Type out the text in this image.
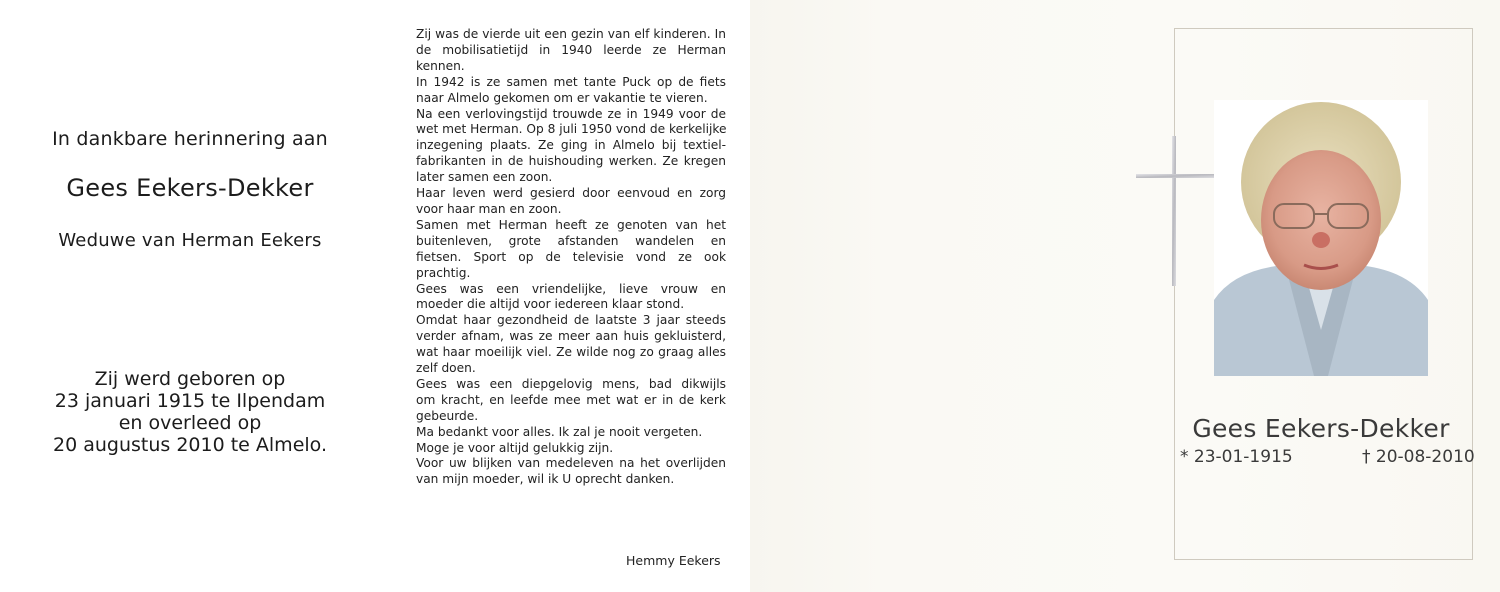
In dankbare herinnering aan
Gees Eekers-Dekker
Weduwe van Herman Eekers
Zij werd geboren op
23 januari 1915 te Ilpendam
en overleed op
20 augustus 2010 te Almelo.
Zij was de vierde uit een gezin van elf kinderen. In
de mobilisatietijd in 1940 leerde ze Herman
kennen.
In 1942 is ze samen met tante Puck op de fiets
naar Almelo gekomen om er vakantie te vieren.
Na een verlovingstijd trouwde ze in 1949 voor de
wet met Herman. Op 8 juli 1950 vond de kerkelijke
inzegening plaats. Ze ging in Almelo bij textiel-
fabrikanten in de huishouding werken. Ze kregen
later samen een zoon.
Haar leven werd gesierd door eenvoud en zorg
voor haar man en zoon.
Samen met Herman heeft ze genoten van het
buitenleven, grote afstanden wandelen en
fietsen. Sport op de televisie vond ze ook
prachtig.
Gees was een vriendelijke, lieve vrouw en
moeder die altijd voor iedereen klaar stond.
Omdat haar gezondheid de laatste 3 jaar steeds
verder afnam, was ze meer aan huis gekluisterd,
wat haar moeilijk viel. Ze wilde nog zo graag alles
zelf doen.
Gees was een diepgelovig mens, bad dikwijls
om kracht, en leefde mee met wat er in de kerk
gebeurde.
Ma bedankt voor alles. Ik zal je nooit vergeten.
Moge je voor altijd gelukkig zijn.
Voor uw blijken van medeleven na het overlijden
van mijn moeder, wil ik U oprecht danken.
Hemmy Eekers
Gees Eekers-Dekker
* 23-01-1915	† 20-08-2010
